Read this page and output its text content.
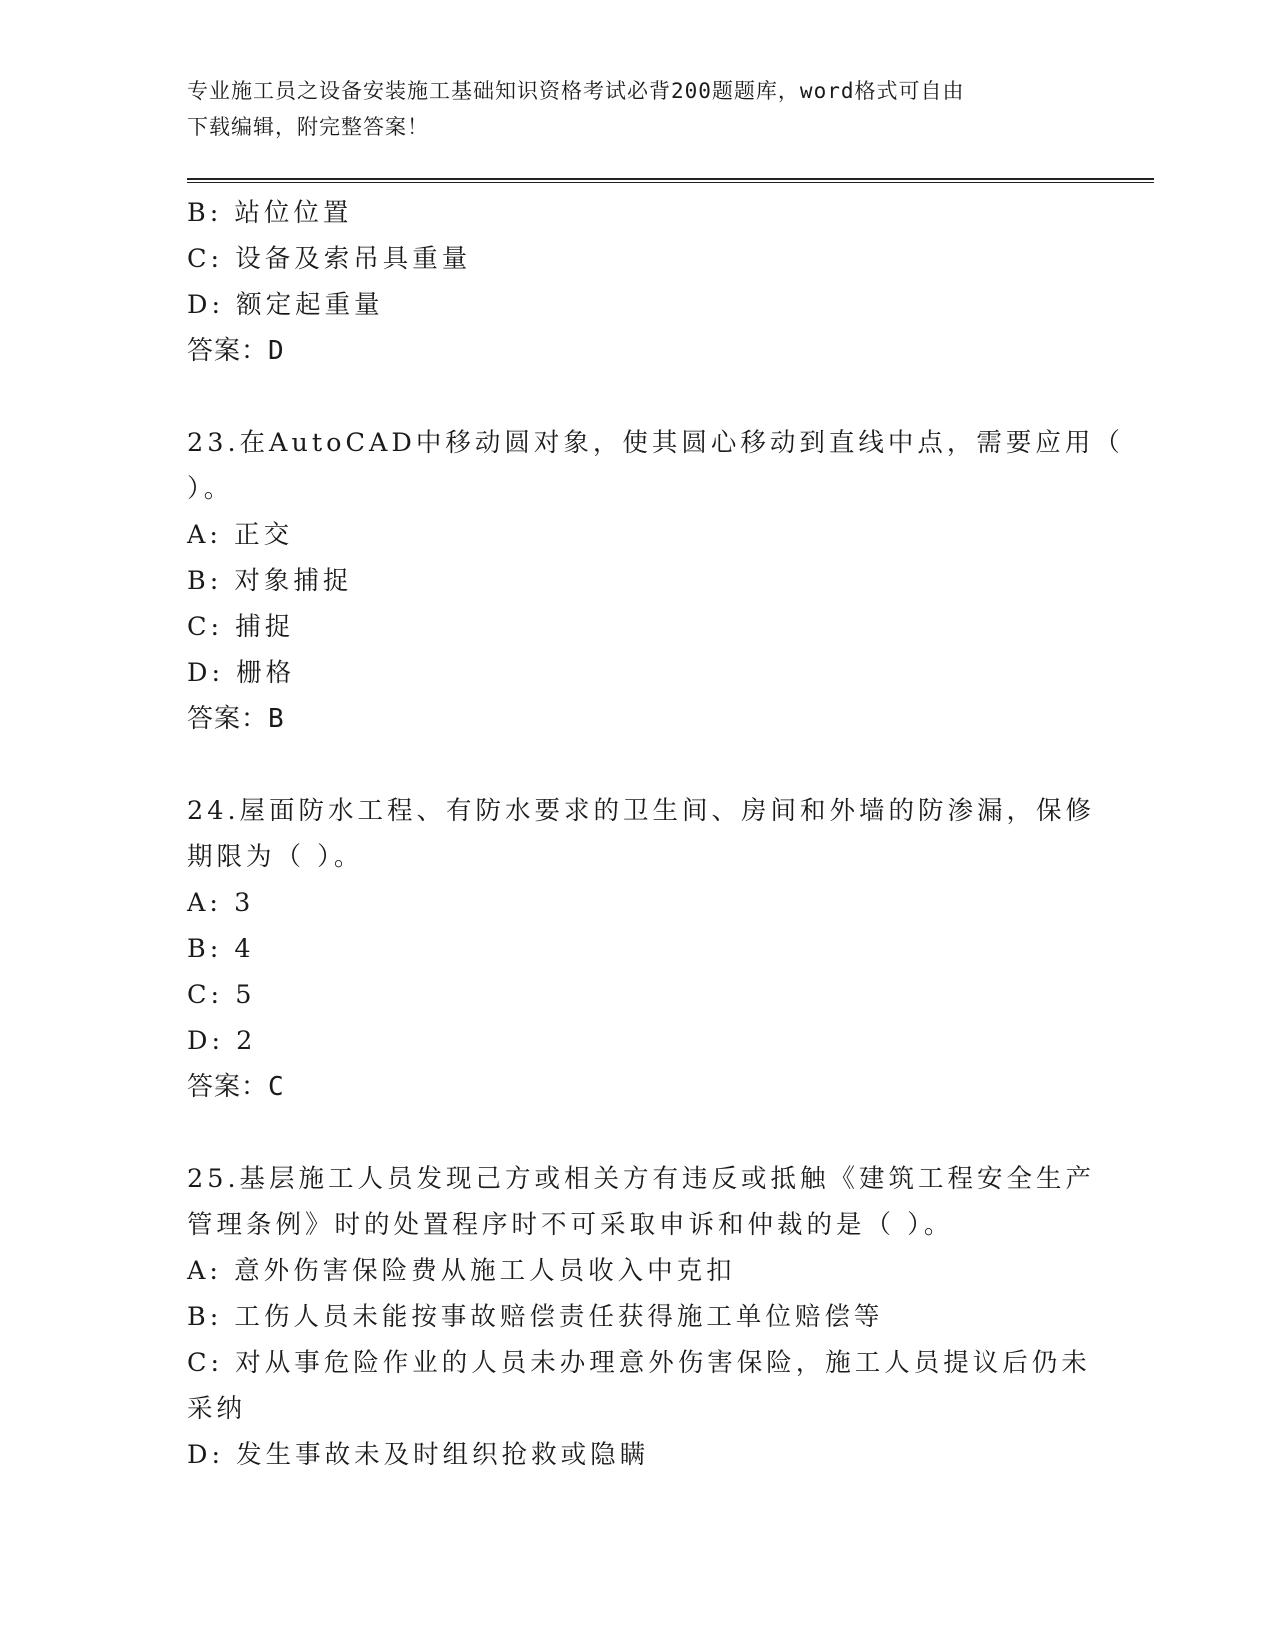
专业施工员之设备安装施工基础知识资格考试必背200题题库，word格式可自由
下载编辑，附完整答案！
B: 站位位置
C: 设备及索吊具重量
D: 额定起重量
答案：D
23.在AutoCAD中移动圆对象，使其圆心移动到直线中点，需要应用（
）。
A: 正交
B: 对象捕捉
C: 捕捉
D: 栅格
答案：B
24.屋面防水工程、有防水要求的卫生间、房间和外墙的防渗漏，保修
期限为（ ）。
A: 3
B: 4
C: 5
D: 2
答案：C
25.基层施工人员发现己方或相关方有违反或抵触《建筑工程安全生产
管理条例》时的处置程序时不可采取申诉和仲裁的是（ ）。
A: 意外伤害保险费从施工人员收入中克扣
B: 工伤人员未能按事故赔偿责任获得施工单位赔偿等
C: 对从事危险作业的人员未办理意外伤害保险，施工人员提议后仍未
采纳
D: 发生事故未及时组织抢救或隐瞒
